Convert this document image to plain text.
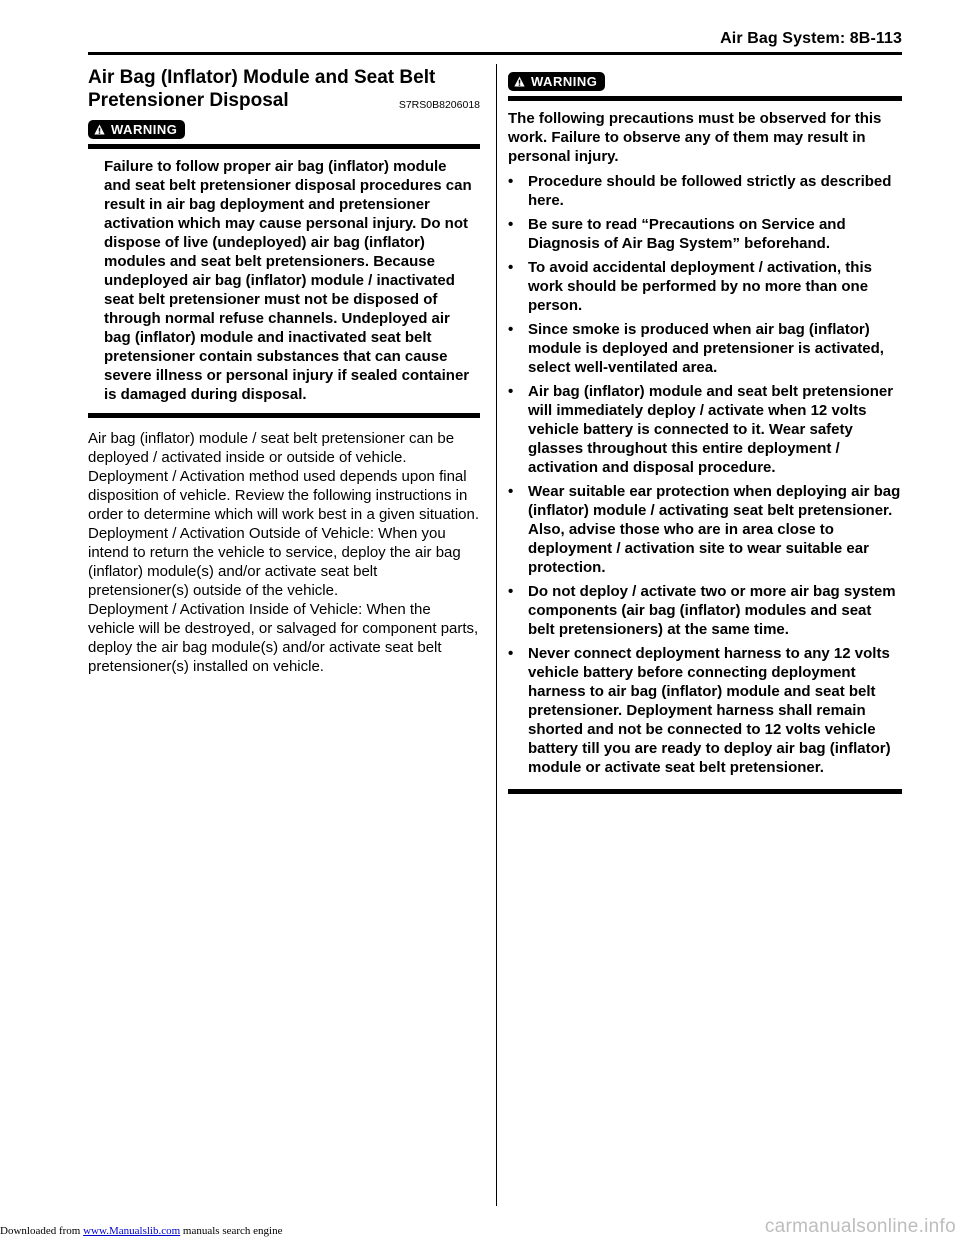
Air Bag System: 8B-113
Air Bag (Inflator) Module and Seat Belt Pretensioner Disposal	S7RS0B8206018
WARNING
Failure to follow proper air bag (inflator) module and seat belt pretensioner disposal procedures can result in air bag deployment and pretensioner activation which may cause personal injury. Do not dispose of live (undeployed) air bag (inflator) modules and seat belt pretensioners. Because undeployed air bag (inflator) module / inactivated seat belt pretensioner must not be disposed of through normal refuse channels. Undeployed air bag (inflator) module and inactivated seat belt pretensioner contain substances that can cause severe illness or personal injury if sealed container is damaged during disposal.
Air bag (inflator) module / seat belt pretensioner can be deployed / activated inside or outside of vehicle. Deployment / Activation method used depends upon final disposition of vehicle. Review the following instructions in order to determine which will work best in a given situation.
Deployment / Activation Outside of Vehicle: When you intend to return the vehicle to service, deploy the air bag (inflator) module(s) and/or activate seat belt pretensioner(s) outside of the vehicle.
Deployment / Activation Inside of Vehicle: When the vehicle will be destroyed, or salvaged for component parts, deploy the air bag module(s) and/or activate seat belt pretensioner(s) installed on vehicle.
WARNING
The following precautions must be observed for this work. Failure to observe any of them may result in personal injury.
• Procedure should be followed strictly as described here.
• Be sure to read “Precautions on Service and Diagnosis of Air Bag System” beforehand.
• To avoid accidental deployment / activation, this work should be performed by no more than one person.
• Since smoke is produced when air bag (inflator) module is deployed and pretensioner is activated, select well-ventilated area.
• Air bag (inflator) module and seat belt pretensioner will immediately deploy / activate when 12 volts vehicle battery is connected to it. Wear safety glasses throughout this entire deployment / activation and disposal procedure.
• Wear suitable ear protection when deploying air bag (inflator) module / activating seat belt pretensioner. Also, advise those who are in area close to deployment / activation site to wear suitable ear protection.
• Do not deploy / activate two or more air bag system components (air bag (inflator) modules and seat belt pretensioners) at the same time.
• Never connect deployment harness to any 12 volts vehicle battery before connecting deployment harness to air bag (inflator) module and seat belt pretensioner. Deployment harness shall remain shorted and not be connected to 12 volts vehicle battery till you are ready to deploy air bag (inflator) module or activate seat belt pretensioner.
Downloaded from www.Manualslib.com manuals search engine	carmanualsonline.info
